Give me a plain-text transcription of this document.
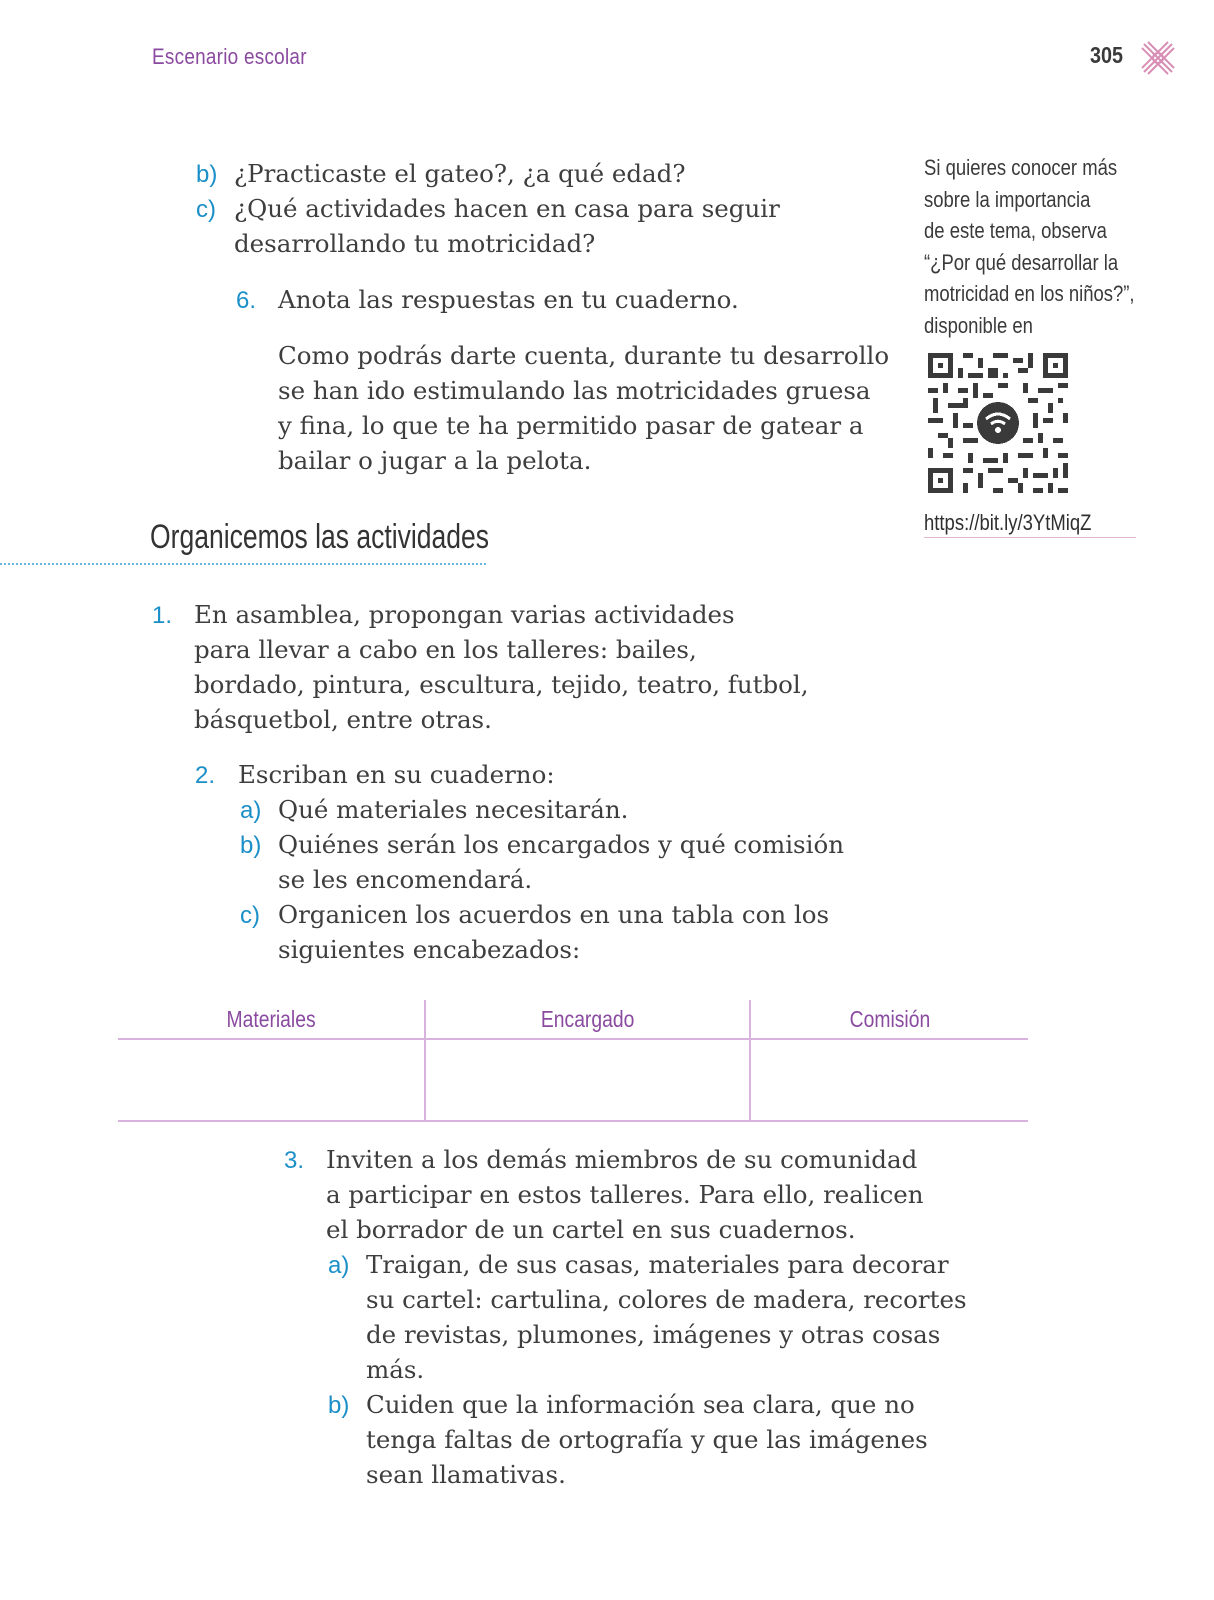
Escenario escolar	305
b) ¿Practicaste el gateo?, ¿a qué edad?
c) ¿Qué actividades hacen en casa para seguir
desarrollando tu motricidad?
6. Anota las respuestas en tu cuaderno.
Como podrás darte cuenta, durante tu desarrollo
se han ido estimulando las motricidades gruesa
y fina, lo que te ha permitido pasar de gatear a
bailar o jugar a la pelota.
Si quieres conocer más
sobre la importancia
de este tema, observa
“¿Por qué desarrollar la
motricidad en los niños?”,
disponible en
https://bit.ly/3YtMiqZ
Organicemos las actividades
1. En asamblea, propongan varias actividades
para llevar a cabo en los talleres: bailes,
bordado, pintura, escultura, tejido, teatro, futbol,
básquetbol, entre otras.
2. Escriban en su cuaderno:
a) Qué materiales necesitarán.
b) Quiénes serán los encargados y qué comisión
se les encomendará.
c) Organicen los acuerdos en una tabla con los
siguientes encabezados:
Materiales	Encargado	Comisión

3. Inviten a los demás miembros de su comunidad
a participar en estos talleres. Para ello, realicen
el borrador de un cartel en sus cuadernos.
a) Traigan, de sus casas, materiales para decorar
su cartel: cartulina, colores de madera, recortes
de revistas, plumones, imágenes y otras cosas
más.
b) Cuiden que la información sea clara, que no
tenga faltas de ortografía y que las imágenes
sean llamativas.
